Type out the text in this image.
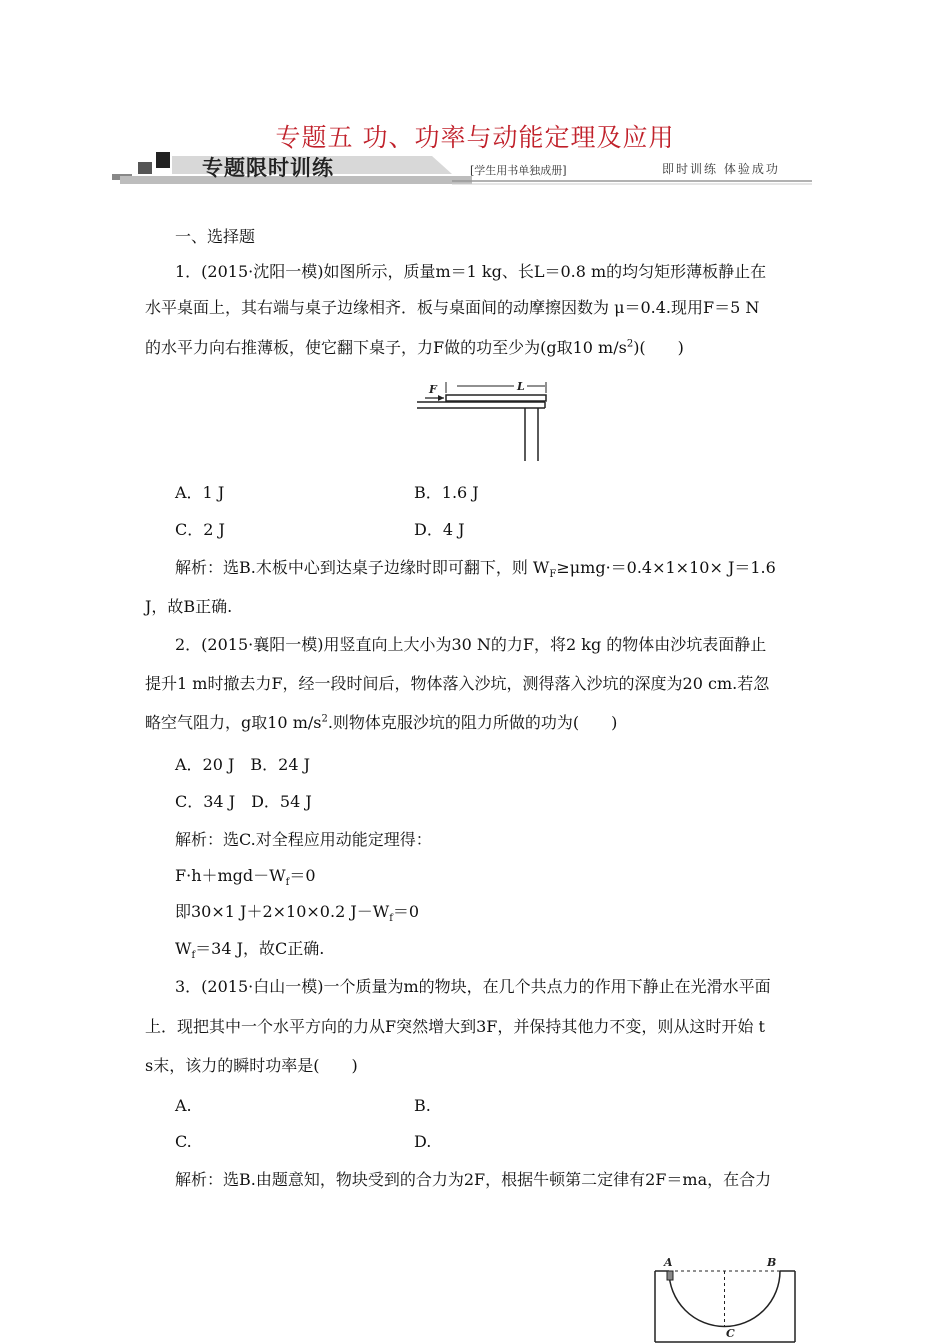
专题五 功、功率与动能定理及应用
专题限时训练	[学生用书单独成册]	即时训练 体验成功
一、选择题
1．(2015·沈阳一模)如图所示，质量m＝1 kg、长L＝0.8 m的均匀矩形薄板静止在
水平桌面上，其右端与桌子边缘相齐．板与桌面间的动摩擦因数为 μ＝0.4.现用F＝5 N
的水平力向右推薄板，使它翻下桌子，力F做的功至少为(g取10 $m/s^2$)(　　)
F	L
A．1 J	B．1.6 J
C．2 J	D．4 J
解析：选B.木板中心到达桌子边缘时即可翻下，则 $W_F\ge\mu mg\cdot=0.4\times 1\times 10\times J=1.6$
J，故B正确.
2．(2015·襄阳一模)用竖直向上大小为30 N的力F，将2 kg 的物体由沙坑表面静止
提升1 m时撤去力F，经一段时间后，物体落入沙坑，测得落入沙坑的深度为20 cm.若忽
略空气阻力，g取10 $m/s^2$.则物体克服沙坑的阻力所做的功为(　　)
A．20 J　B．24 J
C．34 J　D．54 J
解析：选C.对全程应用动能定理得：
$F\cdot h+mgd-W_f=0$
即30×1 J＋2×10×0.2 $J-W_f=0$
$W_f=34$ J，故C正确.
3．(2015·白山一模)一个质量为m的物块，在几个共点力的作用下静止在光滑水平面
上．现把其中一个水平方向的力从F突然增大到3F，并保持其他力不变，则从这时开始 t
s末，该力的瞬时功率是(　　)
A.	B.
C.	D.
解析：选B.由题意知，物块受到的合力为2F，根据牛顿第二定律有2F＝ma，在合力
A	B
C
